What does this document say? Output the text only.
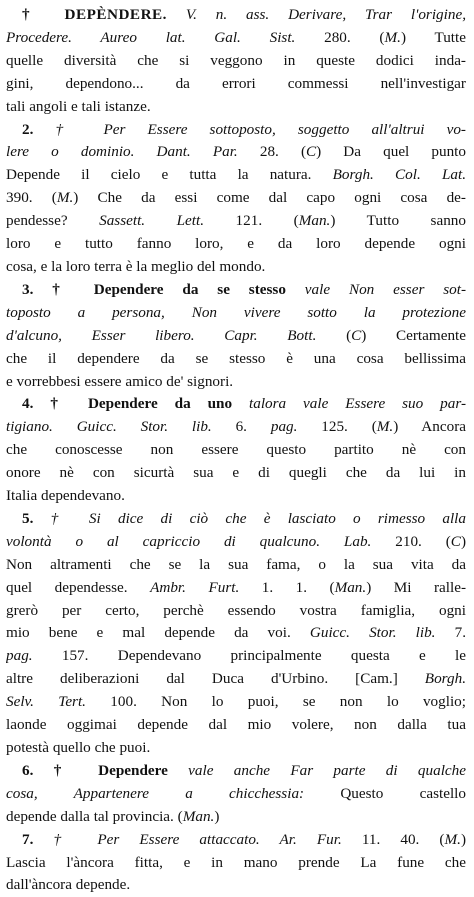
† DEPÈNDERE. V. n. ass. Derivare, Trar l'origine,
Procedere. Aureo lat. Gal. Sist. 280. (M.) Tutte
quelle diversità che si veggono in queste dodici inda-
gini, dependono... da errori commessi nell'investigar
tali angoli e tali istanze.
2. † Per Essere sottoposto, soggetto all'altrui vo-
lere o dominio. Dant. Par. 28. (C) Da quel punto
Depende il cielo e tutta la natura. Borgh. Col. Lat.
390. (M.) Che da essi come dal capo ogni cosa de-
pendesse? Sassett. Lett. 121. (Man.) Tutto sanno
loro e tutto fanno loro, e da loro depende ogni
cosa, e la loro terra è la meglio del mondo.
3. † Dependere da se stesso vale Non esser sot-
toposto a persona, Non vivere sotto la protezione
d'alcuno, Esser libero. Capr. Bott. (C) Certamente
che il dependere da se stesso è una cosa bellissima
e vorrebbesi essere amico de' signori.
4. † Dependere da uno talora vale Essere suo par-
tigiano. Guicc. Stor. lib. 6. pag. 125. (M.) Ancora
che conoscesse non essere questo partito nè con
onore nè con sicurtà sua e di quegli che da lui in
Italia dependevano.
5. † Si dice di ciò che è lasciato o rimesso alla
volontà o al capriccio di qualcuno. Lab. 210. (C)
Non altramenti che se la sua fama, o la sua vita da
quel dependesse. Ambr. Furt. 1. 1. (Man.) Mi ralle-
grerò per certo, perchè essendo vostra famiglia, ogni
mio bene e mal depende da voi. Guicc. Stor. lib. 7.
pag. 157. Dependevano principalmente questa e le
altre deliberazioni dal Duca d'Urbino. [Cam.] Borgh.
Selv. Tert. 100. Non lo puoi, se non lo voglio;
laonde oggimai depende dal mio volere, non dalla tua
potestà quello che puoi.
6. † Dependere vale anche Far parte di qualche
cosa, Appartenere a chicchessia: Questo castello
depende dalla tal provincia. (Man.)
7. † Per Essere attaccato. Ar. Fur. 11. 40. (M.)
Lascia l'àncora fitta, e in mano prende La fune che
dall'àncora depende.
